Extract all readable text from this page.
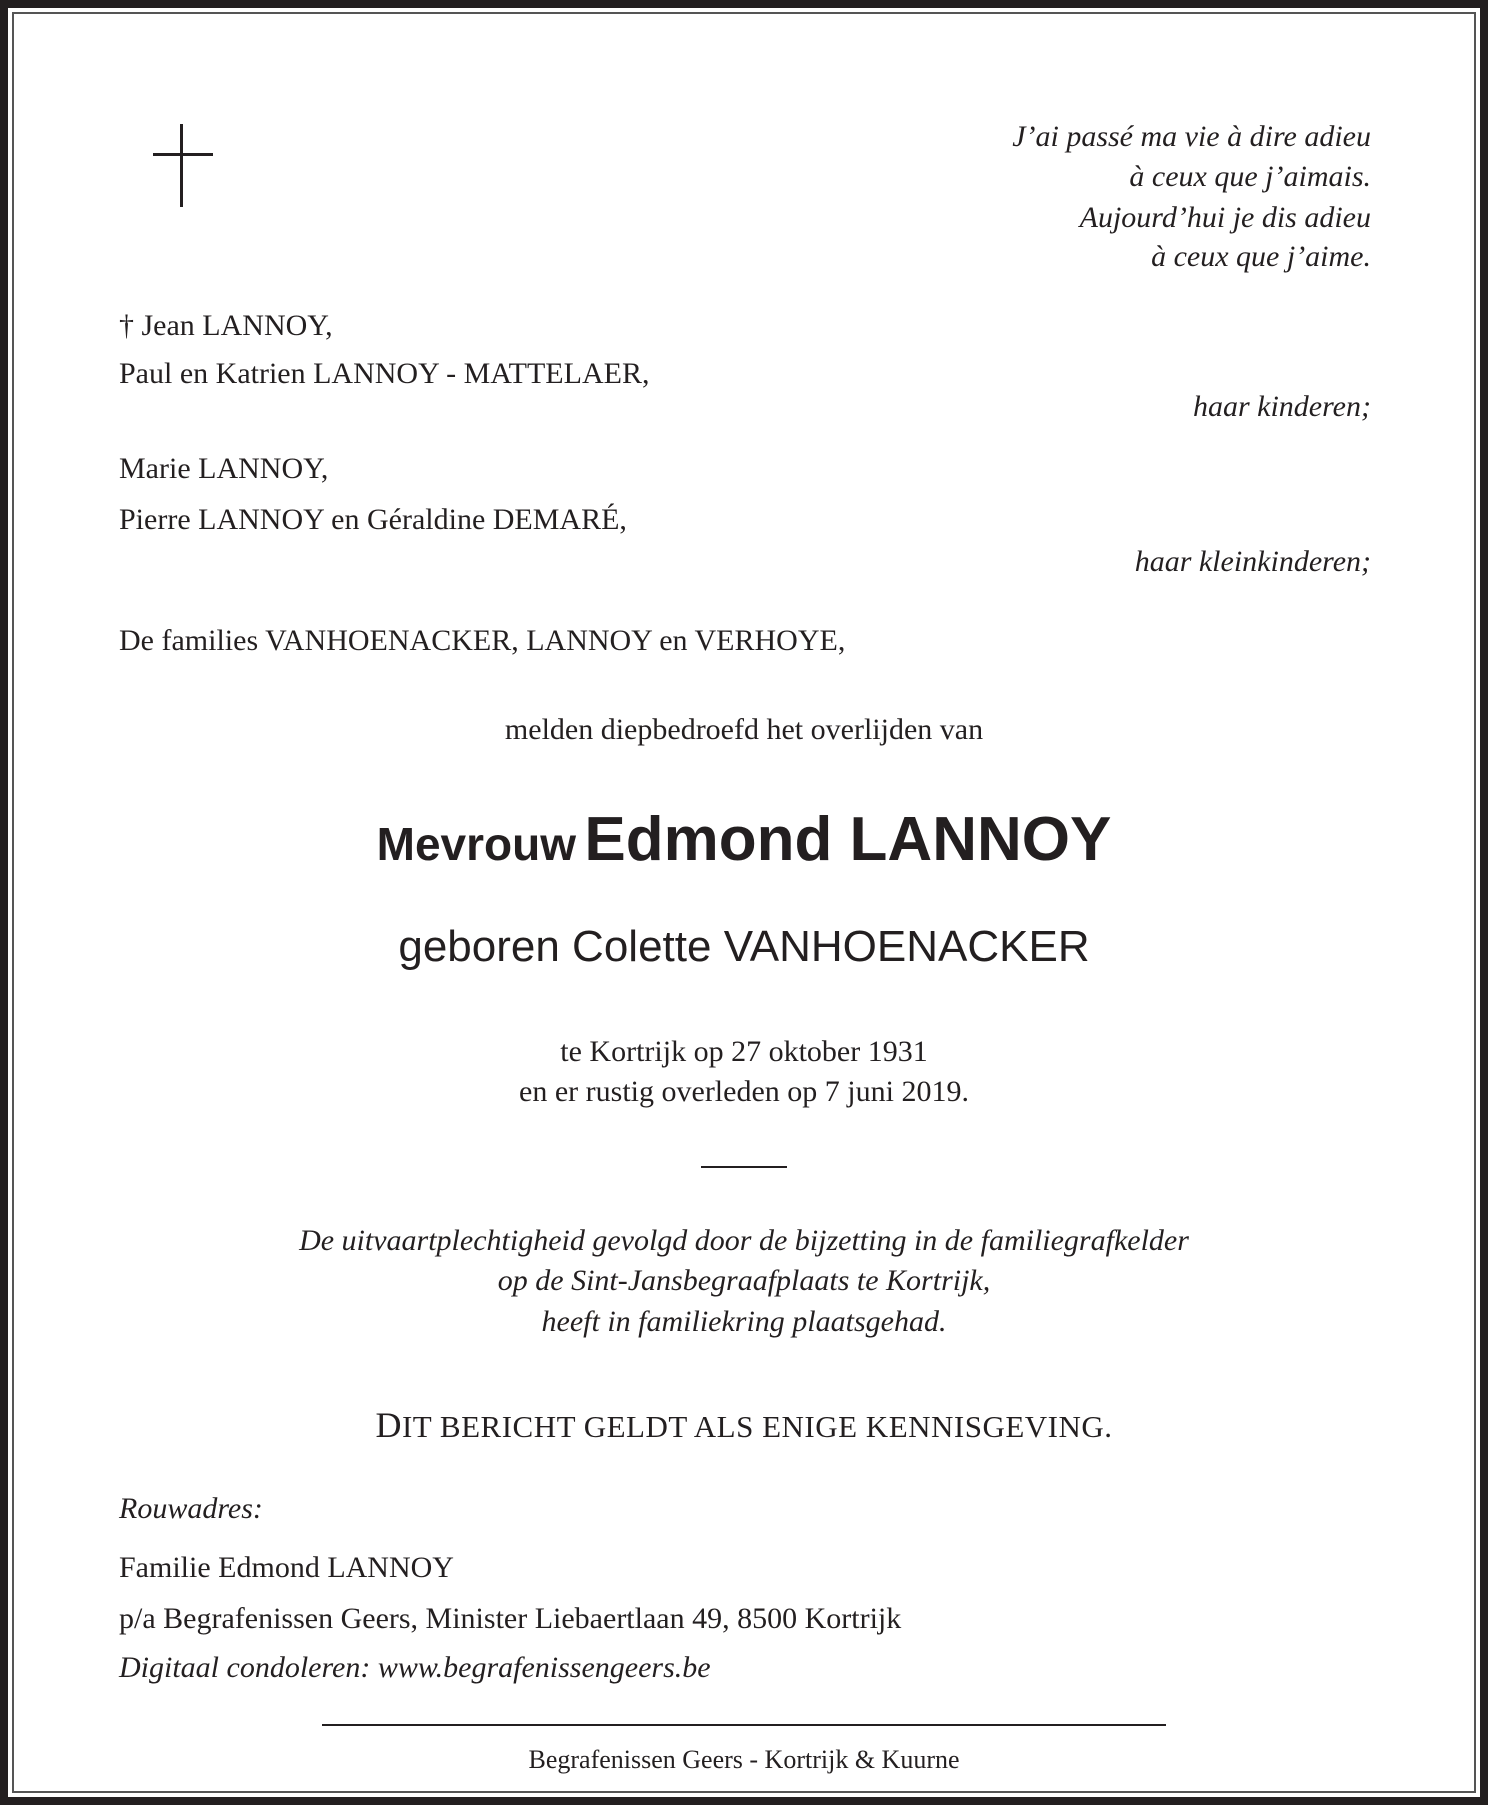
J’ai passé ma vie à dire adieu
à ceux que j’aimais.
Aujourd’hui je dis adieu
à ceux que j’aime.
† Jean LANNOY,
Paul en Katrien LANNOY - MATTELAER,
haar kinderen;
Marie LANNOY,
Pierre LANNOY en Géraldine DEMARÉ,
haar kleinkinderen;
De families VANHOENACKER, LANNOY en VERHOYE,
melden diepbedroefd het overlijden van
Mevrouw Edmond LANNOY
geboren Colette VANHOENACKER
te Kortrijk op 27 oktober 1931
en er rustig overleden op 7 juni 2019.
De uitvaartplechtigheid gevolgd door de bijzetting in de familiegrafkelder
op de Sint-Jansbegraafplaats te Kortrijk,
heeft in familiekring plaatsgehad.
DIT BERICHT GELDT ALS ENIGE KENNISGEVING.
Rouwadres:
Familie Edmond LANNOY
p/a Begrafenissen Geers, Minister Liebaertlaan 49, 8500 Kortrijk
Digitaal condoleren: www.begrafenissengeers.be
Begrafenissen Geers - Kortrijk & Kuurne
